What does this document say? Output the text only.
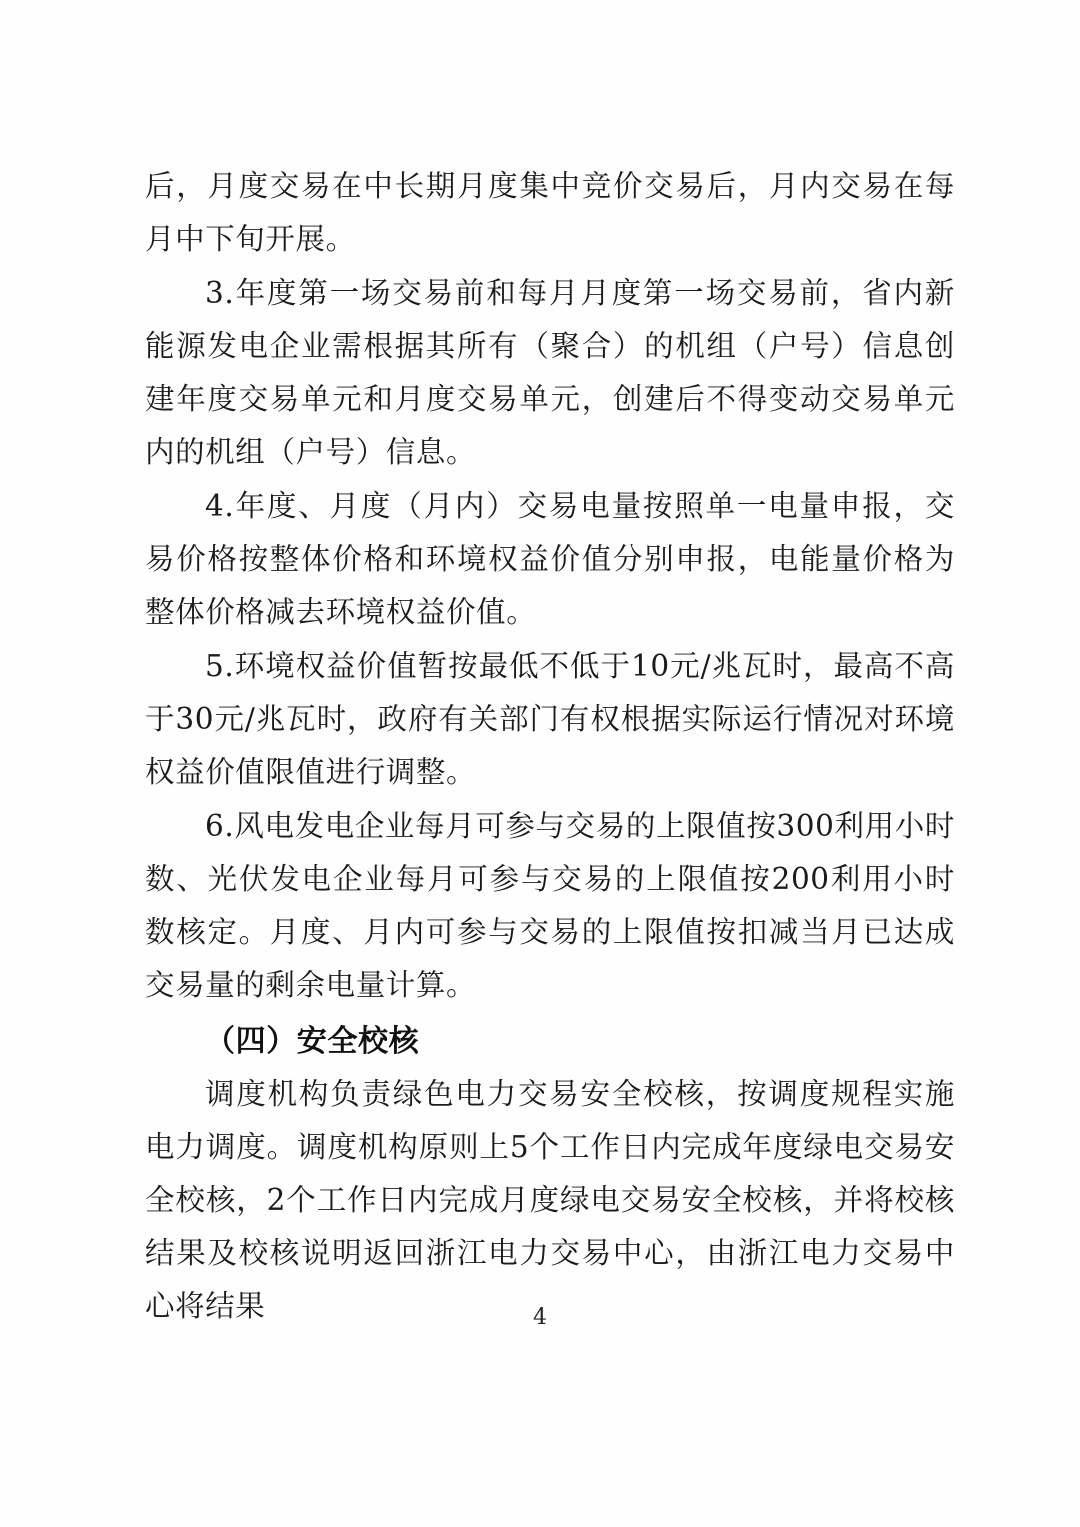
后，月度交易在中长期月度集中竞价交易后，月内交易在每月中下旬开展。

3.年度第一场交易前和每月月度第一场交易前，省内新能源发电企业需根据其所有（聚合）的机组（户号）信息创建年度交易单元和月度交易单元，创建后不得变动交易单元内的机组（户号）信息。

4.年度、月度（月内）交易电量按照单一电量申报，交易价格按整体价格和环境权益价值分别申报，电能量价格为整体价格减去环境权益价值。

5.环境权益价值暂按最低不低于10元/兆瓦时，最高不高于30元/兆瓦时，政府有关部门有权根据实际运行情况对环境权益价值限值进行调整。

6.风电发电企业每月可参与交易的上限值按300利用小时数、光伏发电企业每月可参与交易的上限值按200利用小时数核定。月度、月内可参与交易的上限值按扣减当月已达成交易量的剩余电量计算。

（四）安全校核

调度机构负责绿色电力交易安全校核，按调度规程实施电力调度。调度机构原则上5个工作日内完成年度绿电交易安全校核，2个工作日内完成月度绿电交易安全校核，并将校核结果及校核说明返回浙江电力交易中心，由浙江电力交易中心将结果	4
